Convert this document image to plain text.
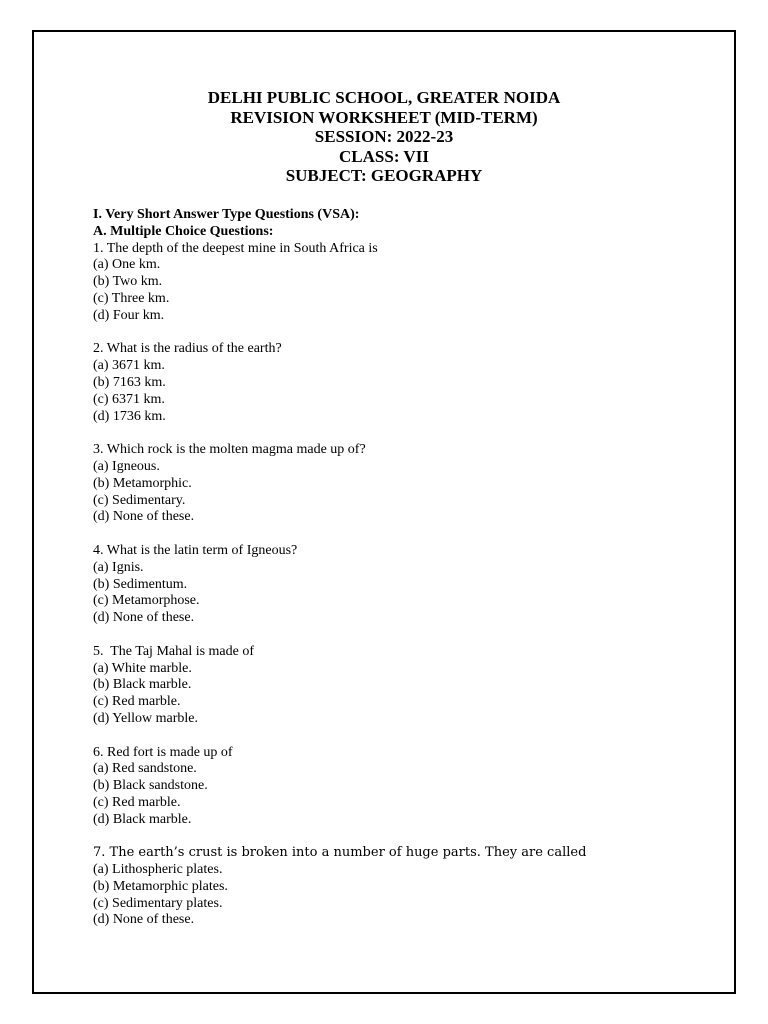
DELHI PUBLIC SCHOOL, GREATER NOIDA
REVISION WORKSHEET (MID-TERM)
SESSION: 2022-23
CLASS: VII
SUBJECT: GEOGRAPHY
I. Very Short Answer Type Questions (VSA):
A. Multiple Choice Questions:
1. The depth of the deepest mine in South Africa is
(a) One km.
(b) Two km.
(c) Three km.
(d) Four km.
2. What is the radius of the earth?
(a) 3671 km.
(b) 7163 km.
(c) 6371 km.
(d) 1736 km.
3. Which rock is the molten magma made up of?
(a) Igneous.
(b) Metamorphic.
(c) Sedimentary.
(d) None of these.
4. What is the latin term of Igneous?
(a) Ignis.
(b) Sedimentum.
(c) Metamorphose.
(d) None of these.
5.  The Taj Mahal is made of
(a) White marble.
(b) Black marble.
(c) Red marble.
(d) Yellow marble.
6. Red fort is made up of
(a) Red sandstone.
(b) Black sandstone.
(c) Red marble.
(d) Black marble.
7. The earth’s crust is broken into a number of huge parts. They are called
(a) Lithospheric plates.
(b) Metamorphic plates.
(c) Sedimentary plates.
(d) None of these.
